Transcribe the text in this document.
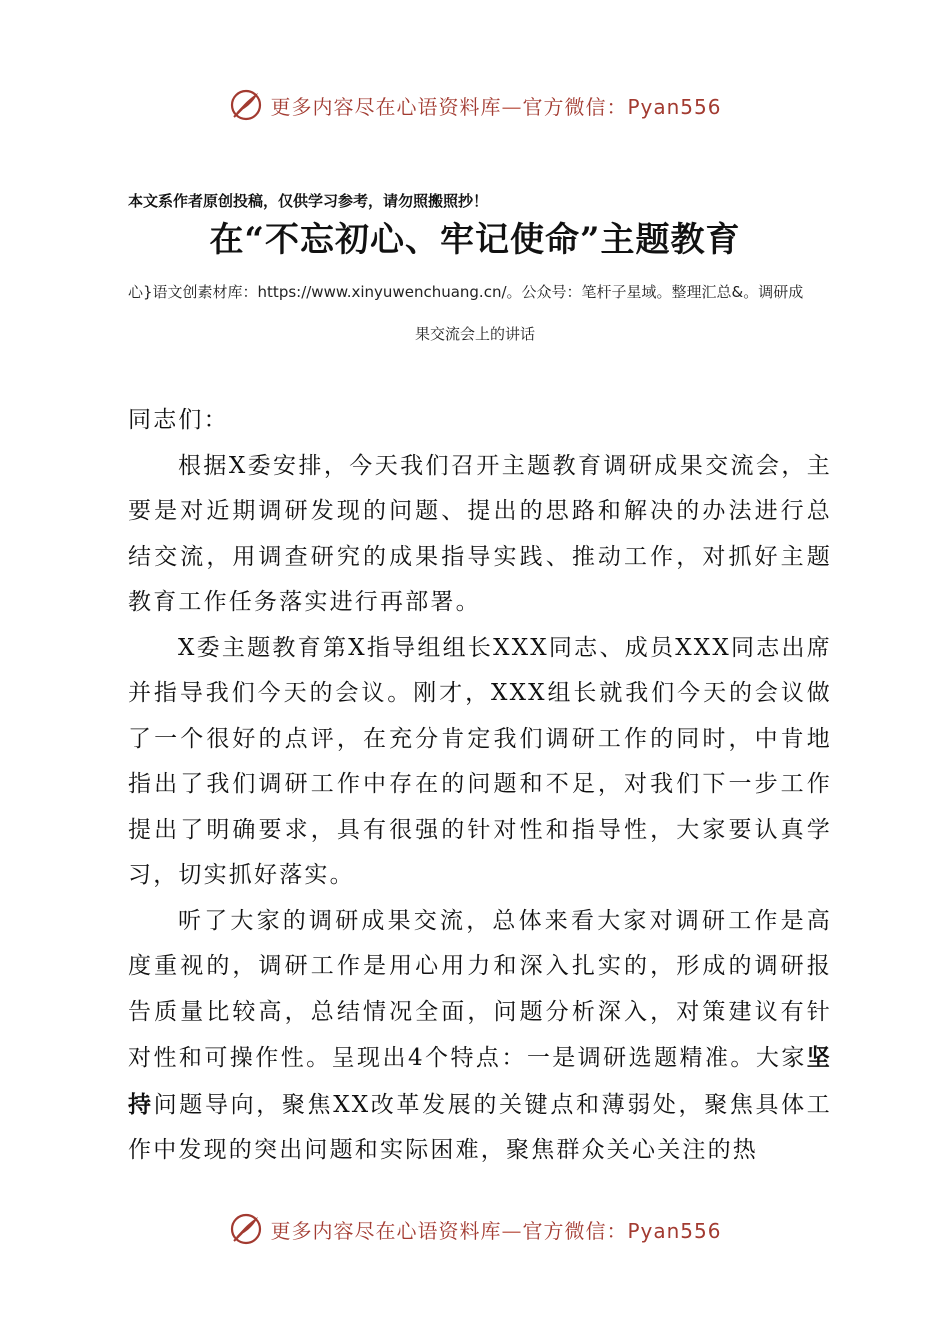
更多内容尽在心语资料库—官方微信：Pyan556
本文系作者原创投稿，仅供学习参考，请勿照搬照抄！
在“不忘初心、牢记使命”主题教育
心}语文创素材库：https://www.xinyuwenchuang.cn/。公众号：笔杆子星域。整理汇总&。调研成
果交流会上的讲话

同志们：

根据X委安排，今天我们召开主题教育调研成果交流会，主要是对近期调研发现的问题、提出的思路和解决的办法进行总结交流，用调查研究的成果指导实践、推动工作，对抓好主题教育工作任务落实进行再部署。

X委主题教育第X指导组组长XXX同志、成员XXX同志出席并指导我们今天的会议。刚才，XXX组长就我们今天的会议做了一个很好的点评，在充分肯定我们调研工作的同时，中肯地指出了我们调研工作中存在的问题和不足，对我们下一步工作提出了明确要求，具有很强的针对性和指导性，大家要认真学习，切实抓好落实。

听了大家的调研成果交流，总体来看大家对调研工作是高度重视的，调研工作是用心用力和深入扎实的，形成的调研报告质量比较高，总结情况全面，问题分析深入，对策建议有针对性和可操作性。呈现出4个特点：一是调研选题精准。大家坚持问题导向，聚焦XX改革发展的关键点和薄弱处，聚焦具体工作中发现的突出问题和实际困难，聚焦群众关心关注的热

更多内容尽在心语资料库—官方微信：Pyan556
